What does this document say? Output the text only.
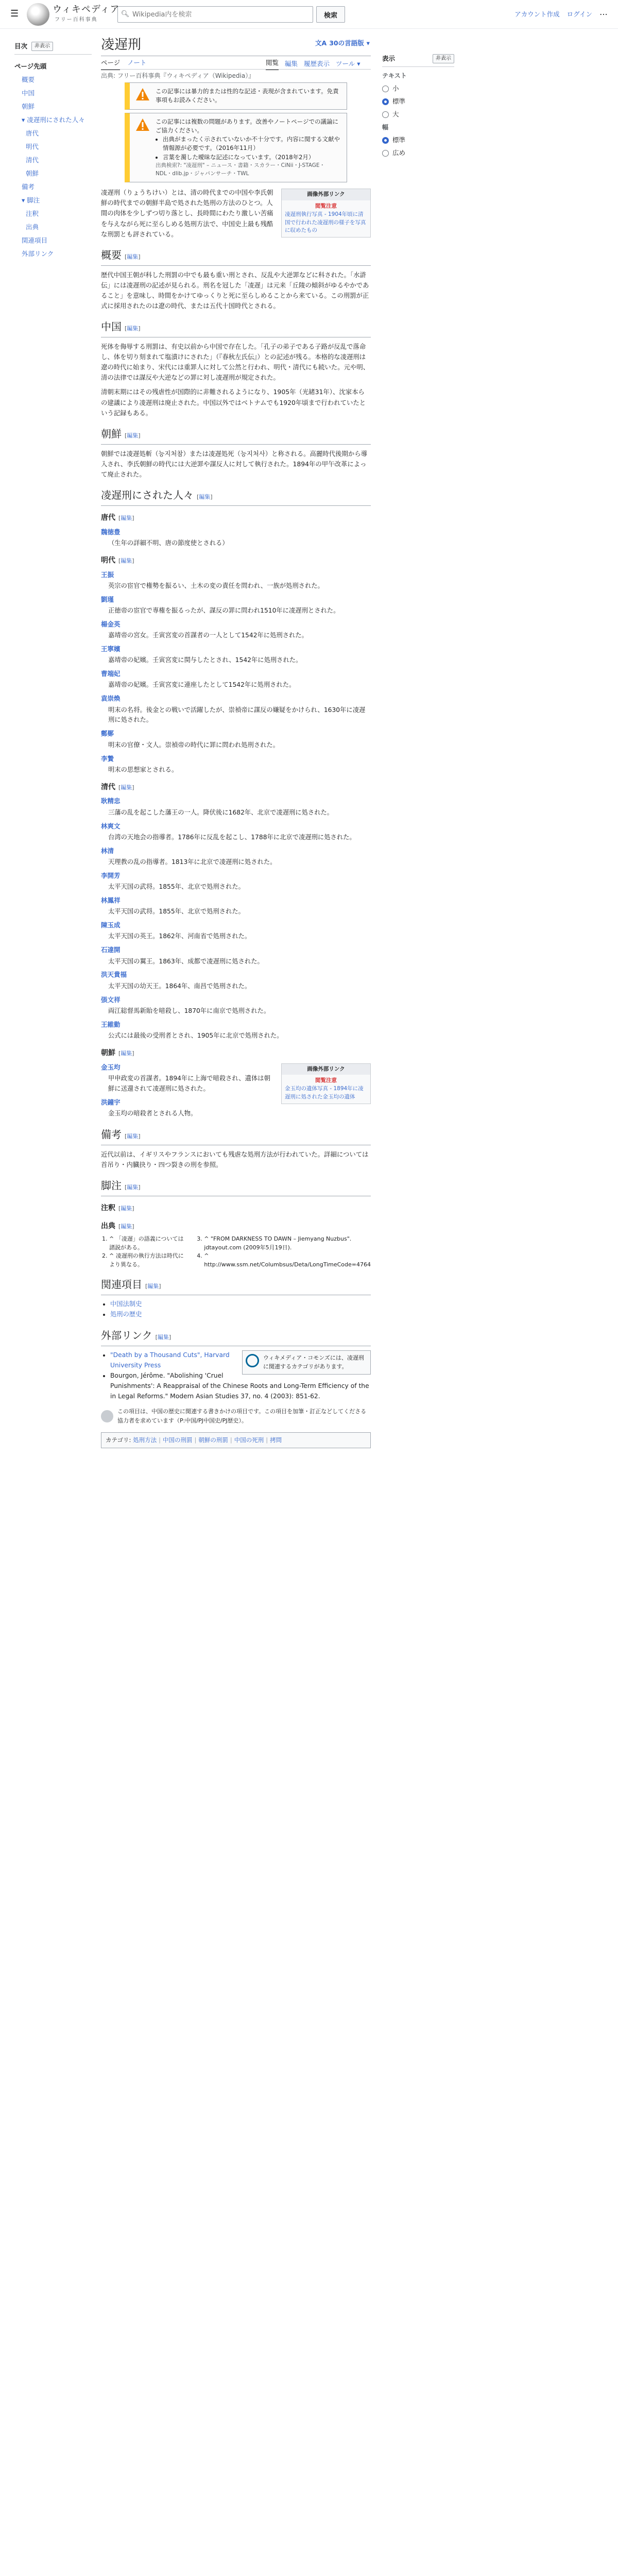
☰	ウィキペディア
フリー百科事典
🔍︎
Wikipedia内を検索	検索	アカウント作成 ログイン ⋯
目次	非表示
ページ先頭
概要
中国
朝鮮
▾ 凌遅刑にされた人々
唐代
明代
清代
朝鮮
備考
▾ 脚注
注釈
出典
関連項目
外部リンク
凌遅刑	文A 30の言語版 ▾
ページ ノート	閲覧 編集 履歴表示 ツール ▾
出典: フリー百科事典『ウィキペディア（Wikipedia）』
表示	非表示
テキスト
小
標準
大
幅
標準
広め
この記事には暴力的または性的な記述・表現が含まれています。免責事項もお読みください。
この記事には複数の問題があります。改善やノートページでの議論にご協力ください。
• 出典がまったく示されていないか不十分です。内容に関する文献や情報源が必要です。（2016年11月）
• 言葉を濁した曖昧な記述になっています。（2018年2月）
出典検索?: "凌遅刑" – ニュース・書籍・スカラー・CiNii・J-STAGE・NDL・dlib.jp・ジャパンサーチ・TWL
画像外部リンク
閲覧注意
凌遅刑執行写真 - 1904年頃に清国で行われた凌遅刑の様子を写真に収めたもの

凌遅刑（りょうちけい）とは、清の時代までの中国や李氏朝鮮の時代までの朝鮮半島で処された処刑の方法のひとつ。人間の肉体を少しずつ切り落とし、長時間にわたり激しい苦痛を与えながら死に至らしめる処刑方法で、中国史上最も残酷な刑罰とも評されている。

概要 [編集]

歴代中国王朝が科した刑罰の中でも最も重い刑とされ、反乱や大逆罪などに科された。「水滸伝」には凌遅刑の記述が見られる。刑名を冠した「凌遅」は元来「丘陵の傾斜がゆるやかであること」を意味し、時間をかけてゆっくりと死に至らしめることから来ている。この刑罰が正式に採用されたのは遼の時代、または五代十国時代とされる。

中国 [編集]

死体を侮辱する刑罰は、有史以前から中国で存在した。「孔子の弟子である子路が反乱で落命し、体を切り刻まれて塩漬けにされた」（『春秋左氏伝』）との記述が残る。本格的な凌遅刑は遼の時代に始まり、宋代には重罪人に対して公然と行われ、明代・清代にも続いた。元や明、清の法律では謀反や大逆などの罪に対し凌遅刑が規定された。

清朝末期にはその残虐性が国際的に非難されるようになり、1905年（光緒31年）、沈家本らの建議により凌遅刑は廃止された。中国以外ではベトナムでも1920年頃まで行われていたという記録もある。

朝鮮 [編集]

朝鮮では凌遅処斬（능지처참）または凌遅処死（능지처사）と称される。高麗時代後期から導入され、李氏朝鮮の時代には大逆罪や謀反人に対して執行された。1894年の甲午改革によって廃止された。

凌遅刑にされた人々 [編集]
唐代 [編集]
魏徳豊
（生年の詳細不明、唐の節度使とされる）
明代 [編集]
王振
英宗の宦官で権勢を振るい、土木の変の責任を問われ、一族が処刑された。
劉瑾
正徳帝の宦官で専権を振るったが、謀反の罪に問われ1510年に凌遅刑とされた。
楊金英
嘉靖帝の宮女。壬寅宮変の首謀者の一人として1542年に処刑された。
王寧嬪
嘉靖帝の妃嬪。壬寅宮変に関与したとされ、1542年に処刑された。
曹端妃
嘉靖帝の妃嬪。壬寅宮変に連座したとして1542年に処刑された。
袁崇煥
明末の名将。後金との戦いで活躍したが、崇禎帝に謀反の嫌疑をかけられ、1630年に凌遅刑に処された。
鄭鄤
明末の官僚・文人。崇禎帝の時代に罪に問われ処刑された。
李贄
明末の思想家とされる。
清代 [編集]
耿精忠
三藩の乱を起こした藩王の一人。降伏後に1682年、北京で凌遅刑に処された。
林爽文
台湾の天地会の指導者。1786年に反乱を起こし、1788年に北京で凌遅刑に処された。
林清
天理教の乱の指導者。1813年に北京で凌遅刑に処された。
李開芳
太平天国の武将。1855年、北京で処刑された。
林鳳祥
太平天国の武将。1855年、北京で処刑された。
陳玉成
太平天国の英王。1862年、河南省で処刑された。
石達開
太平天国の翼王。1863年、成都で凌遅刑に処された。
洪天貴福
太平天国の幼天王。1864年、南昌で処刑された。
張文祥
両江総督馬新貽を暗殺し、1870年に南京で処刑された。
王維勤
公式には最後の受刑者とされ、1905年に北京で処刑された。
朝鮮 [編集]
画像外部リンク
閲覧注意
金玉均の遺体写真 - 1894年に凌遅刑に処された金玉均の遺体
金玉均
甲申政変の首謀者。1894年に上海で暗殺され、遺体は朝鮮に送還されて凌遅刑に処された。
洪鐘宇
金玉均の暗殺者とされる人物。
備考 [編集]

近代以前は、イギリスやフランスにおいても残虐な処刑方法が行われていた。詳細については首吊り・内臓抉り・四つ裂きの刑を参照。

脚注 [編集]
注釈 [編集]
出典 [編集]
1. ^ 「凌遅」の語義については諸説がある。
2. ^ 凌遅刑の執行方法は時代により異なる。
3. ^ "FROM DARKNESS TO DAWN – Jiemyang Nuzbus". jdtayout.com (2009年5月19日).
4. ^ http://www.ssm.net/Columbsus/Deta/LongTimeCode=4764
関連項目 [編集]
• 中国法制史
• 処刑の歴史
外部リンク [編集]
ウィキメディア・コモンズには、凌遅刑に関連するカテゴリがあります。
• "Death by a Thousand Cuts", Harvard University Press
• Bourgon, Jérôme. "Abolishing 'Cruel Punishments': A Reappraisal of the Chinese Roots and Long-Term Efficiency of the in Legal Reforms." Modern Asian Studies 37, no. 4 (2003): 851-62.
この項目は、中国の歴史に関連する書きかけの項目です。この項目を加筆・訂正などしてくださる協力者を求めています（P:中国/PJ中国史/PJ歴史）。
カテゴリ: 処刑方法 | 中国の刑罰 | 朝鮮の刑罰 | 中国の死刑 | 拷問
